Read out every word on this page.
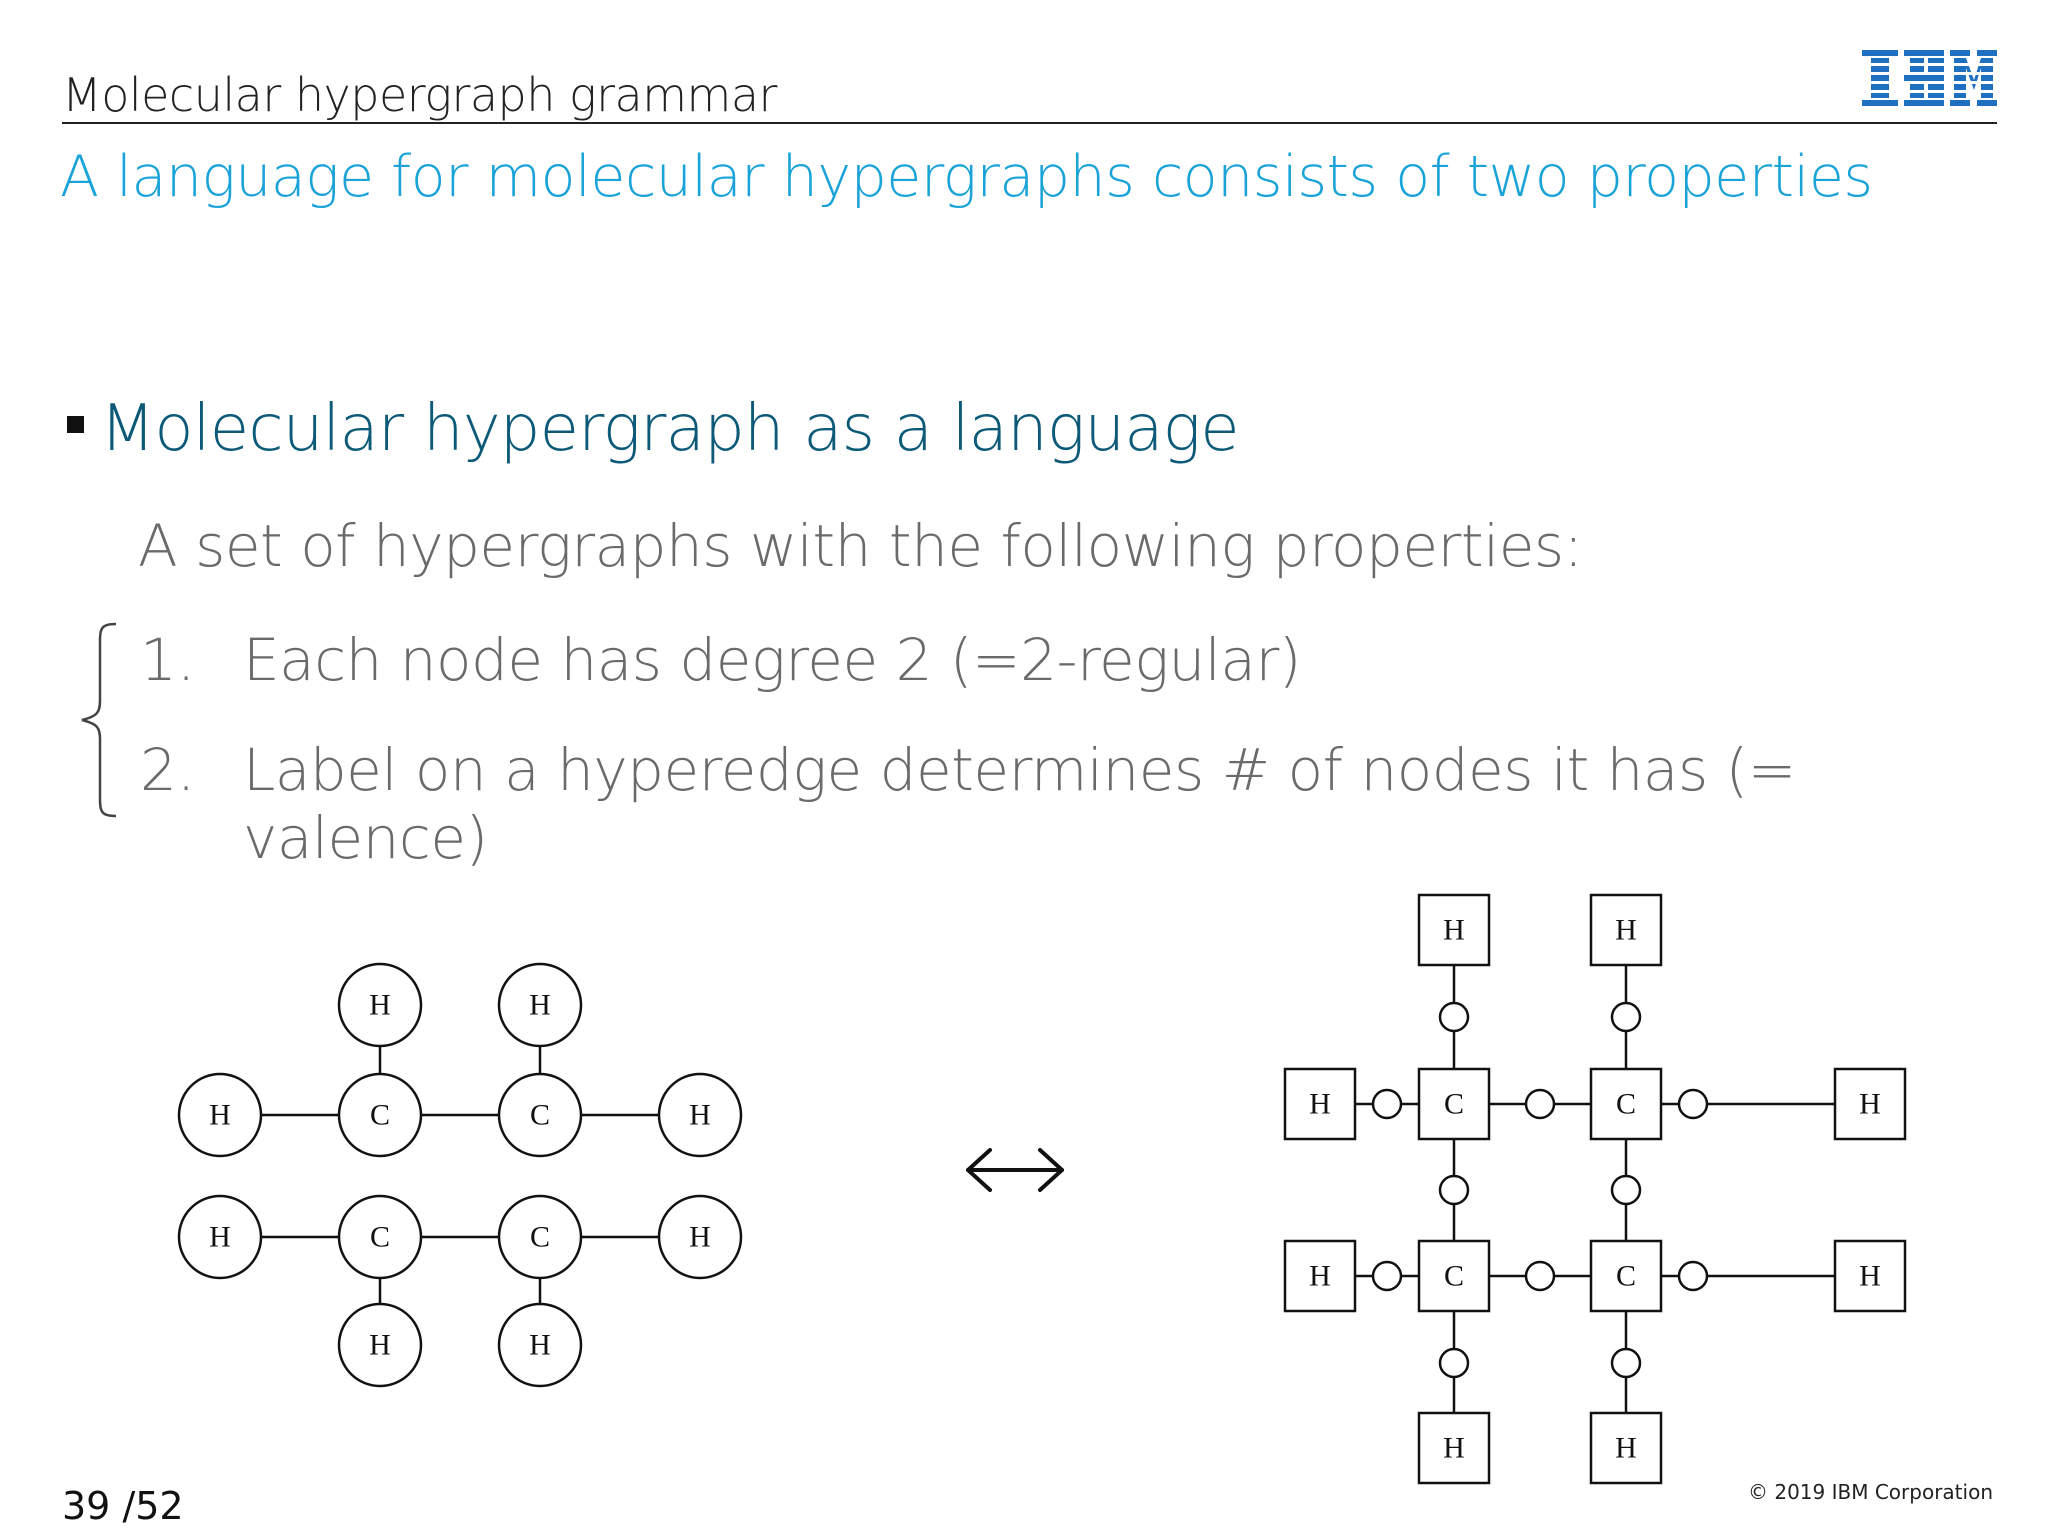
Molecular hypergraph grammar
A language for molecular hypergraphs consists of two properties
Molecular hypergraph as a language
A set of hypergraphs with the following properties:
1. Each node has degree 2 (=2-regular)
2. Label on a hyperedge determines # of nodes it has (= valence)
H	H
H	C	C	H
H	C	C	H
H	H
H	H
H	C	C	H
H	C	C	H
H	H
39 /52	© 2019 IBM Corporation
